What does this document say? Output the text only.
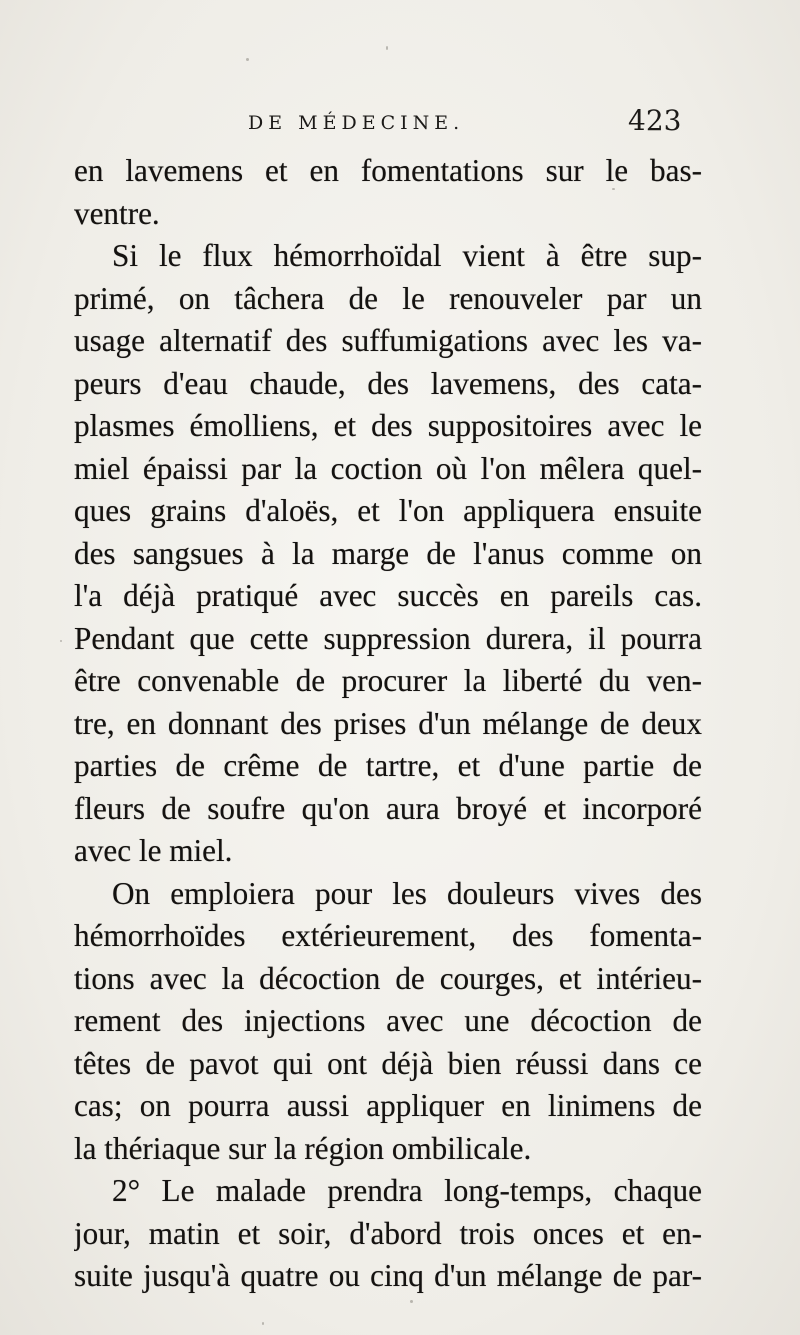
DE MÉDECINE.	423
en lavemens et en fomentations sur le bas-
ventre.
Si le flux hémorrhoïdal vient à être sup-
primé, on tâchera de le renouveler par un
usage alternatif des suffumigations avec les va-
peurs d'eau chaude, des lavemens, des cata-
plasmes émolliens, et des suppositoires avec le
miel épaissi par la coction où l'on mêlera quel-
ques grains d'aloës, et l'on appliquera ensuite
des sangsues à la marge de l'anus comme on
l'a déjà pratiqué avec succès en pareils cas.
Pendant que cette suppression durera, il pourra
être convenable de procurer la liberté du ven-
tre, en donnant des prises d'un mélange de deux
parties de crême de tartre, et d'une partie de
fleurs de soufre qu'on aura broyé et incorporé
avec le miel.
On emploiera pour les douleurs vives des
hémorrhoïdes extérieurement, des fomenta-
tions avec la décoction de courges, et intérieu-
rement des injections avec une décoction de
têtes de pavot qui ont déjà bien réussi dans ce
cas; on pourra aussi appliquer en linimens de
la thériaque sur la région ombilicale.
2° Le malade prendra long-temps, chaque
jour, matin et soir, d'abord trois onces et en-
suite jusqu'à quatre ou cinq d'un mélange de par-
